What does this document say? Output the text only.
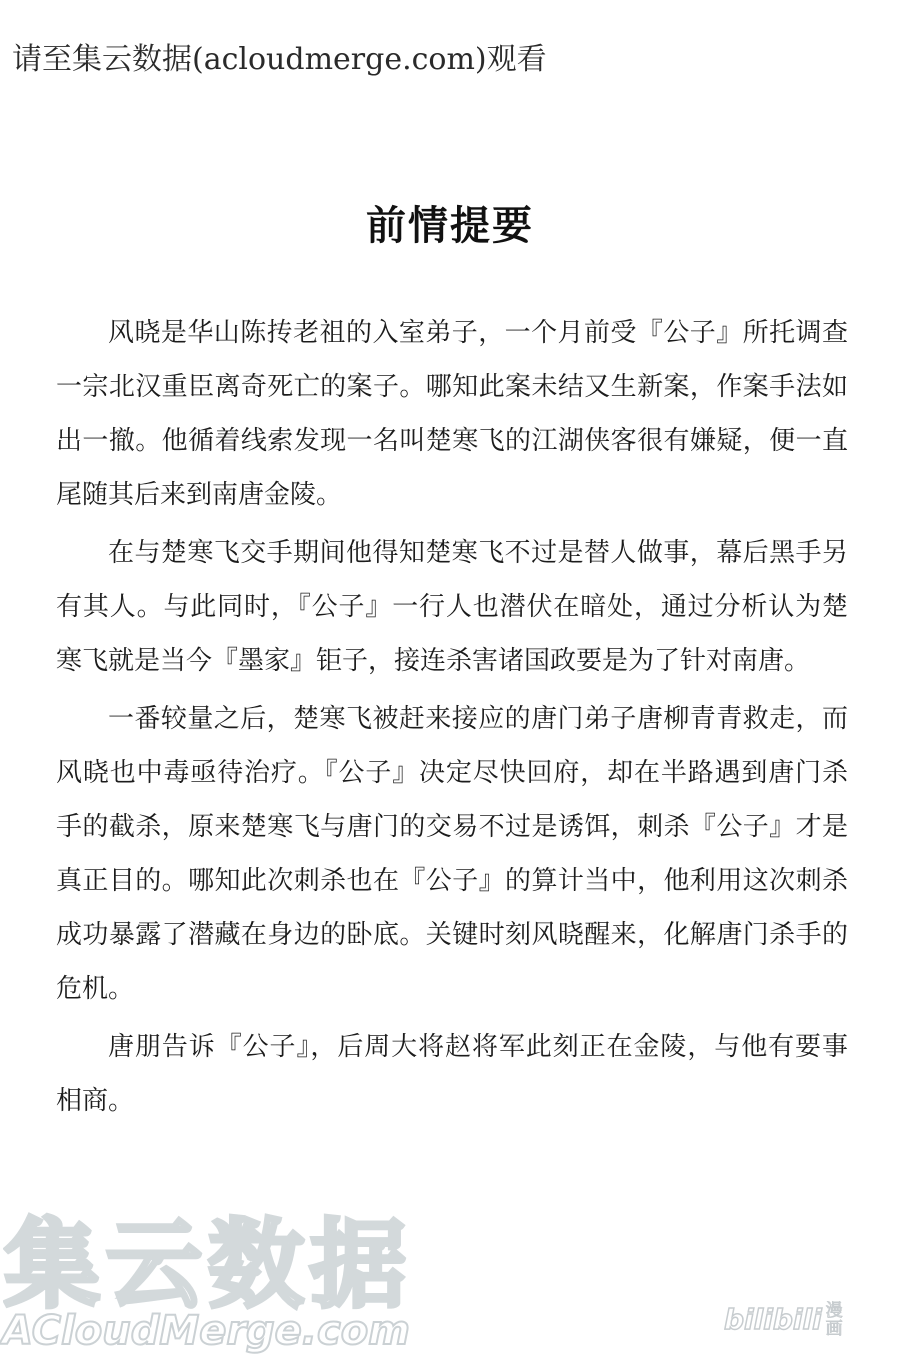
请至集云数据(acloudmerge.com)观看
前情提要

风晓是华山陈抟老祖的入室弟子，一个月前受『公子』所托调查一宗北汉重臣离奇死亡的案子。哪知此案未结又生新案，作案手法如出一撤。他循着线索发现一名叫楚寒飞的江湖侠客很有嫌疑，便一直尾随其后来到南唐金陵。

在与楚寒飞交手期间他得知楚寒飞不过是替人做事，幕后黑手另有其人。与此同时，『公子』一行人也潜伏在暗处，通过分析认为楚寒飞就是当今『墨家』钜子，接连杀害诸国政要是为了针对南唐。

一番较量之后，楚寒飞被赶来接应的唐门弟子唐柳青青救走，而风晓也中毒亟待治疗。『公子』决定尽快回府，却在半路遇到唐门杀手的截杀，原来楚寒飞与唐门的交易不过是诱饵，刺杀『公子』才是真正目的。哪知此次刺杀也在『公子』的算计当中，他利用这次刺杀成功暴露了潜藏在身边的卧底。关键时刻风晓醒来，化解唐门杀手的危机。

唐朋告诉『公子』，后周大将赵将军此刻正在金陵，与他有要事相商。

集云数据
ACloudMerge.com	bilibili 漫
画
